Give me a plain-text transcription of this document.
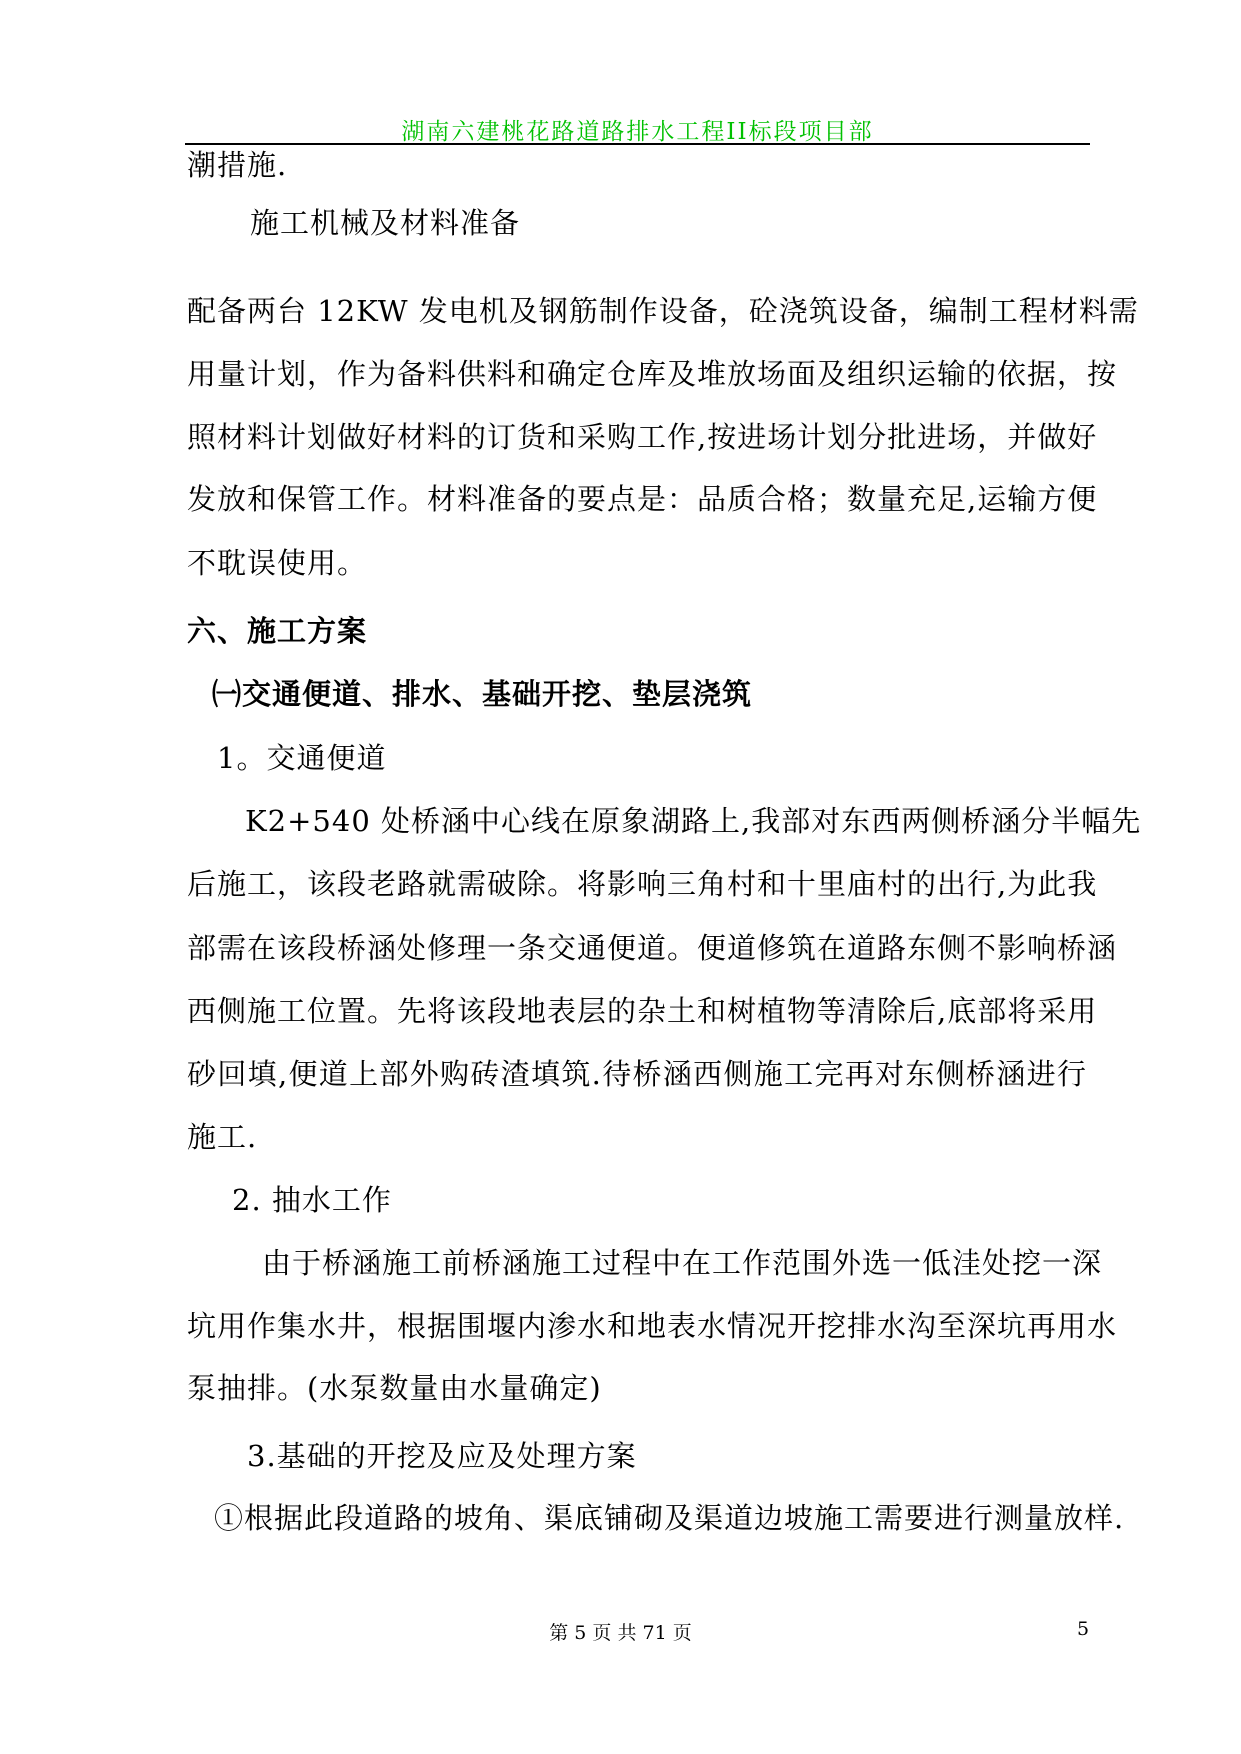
湖南六建桃花路道路排水工程II标段项目部
潮措施.
施工机械及材料准备
配备两台 12KW 发电机及钢筋制作设备，砼浇筑设备，编制工程材料需
用量计划，作为备料供料和确定仓库及堆放场面及组织运输的依据，按
照材料计划做好材料的订货和采购工作,按进场计划分批进场，并做好
发放和保管工作。材料准备的要点是：品质合格；数量充足,运输方便
不耽误使用。
六、施工方案
㈠交通便道、排水、基础开挖、垫层浇筑
1。交通便道
K2+540 处桥涵中心线在原象湖路上,我部对东西两侧桥涵分半幅先
后施工，该段老路就需破除。将影响三角村和十里庙村的出行,为此我
部需在该段桥涵处修理一条交通便道。便道修筑在道路东侧不影响桥涵
西侧施工位置。先将该段地表层的杂土和树植物等清除后,底部将采用
砂回填,便道上部外购砖渣填筑.待桥涵西侧施工完再对东侧桥涵进行
施工.
2. 抽水工作
由于桥涵施工前桥涵施工过程中在工作范围外选一低洼处挖一深
坑用作集水井，根据围堰内渗水和地表水情况开挖排水沟至深坑再用水
泵抽排。(水泵数量由水量确定)
3.基础的开挖及应及处理方案
①根据此段道路的坡角、渠底铺砌及渠道边坡施工需要进行测量放样.
第 5 页 共 71 页	5
